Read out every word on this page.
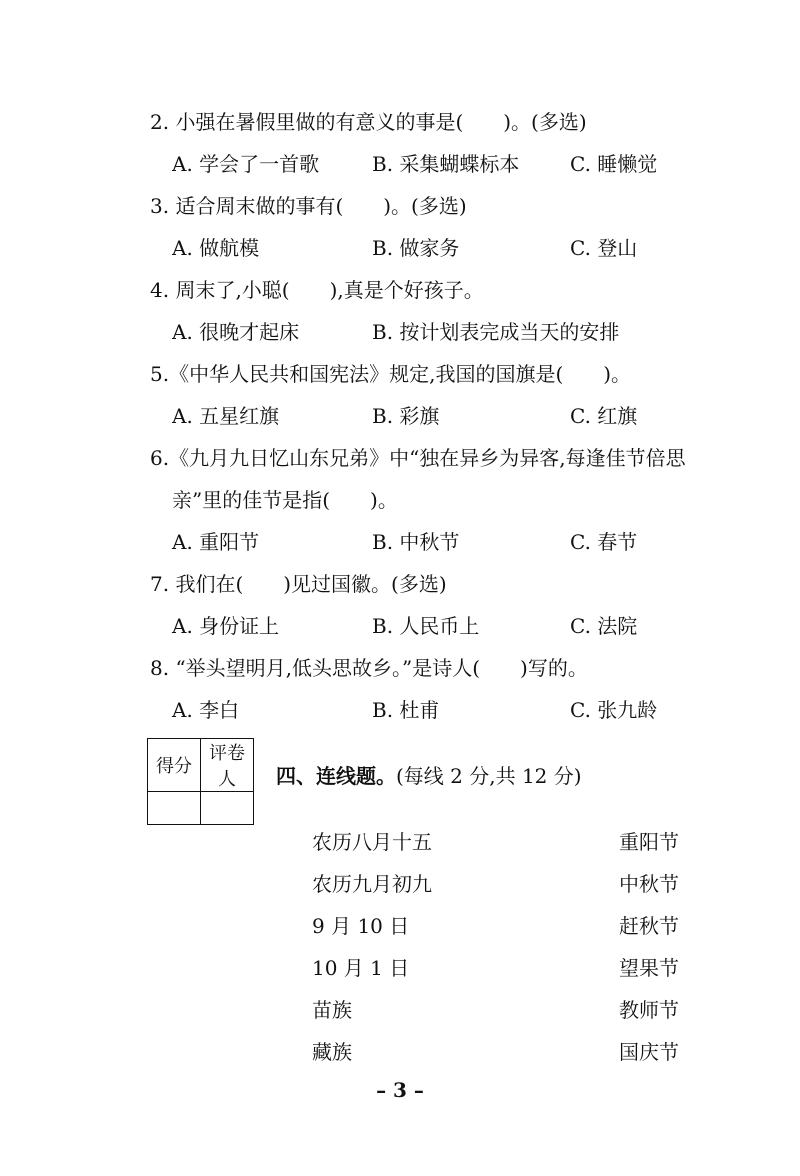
2. 小强在暑假里做的有意义的事是(　　)。(多选)
A. 学会了一首歌	B. 采集蝴蝶标本	C. 睡懒觉
3. 适合周末做的事有(　　)。(多选)
A. 做航模	B. 做家务	C. 登山
4. 周末了,小聪(　　),真是个好孩子。
A. 很晚才起床	B. 按计划表完成当天的安排
5.《中华人民共和国宪法》规定,我国的国旗是(　　)。
A. 五星红旗	B. 彩旗	C. 红旗
6.《九月九日忆山东兄弟》中“独在异乡为异客,每逢佳节倍思
亲”里的佳节是指(　　)。
A. 重阳节	B. 中秋节	C. 春节
7. 我们在(　　)见过国徽。(多选)
A. 身份证上	B. 人民币上	C. 法院
8. “举头望明月,低头思故乡。”是诗人(　　)写的。
A. 李白	B. 杜甫	C. 张九龄
得分	评卷人
	四、连线题。(每线 2 分,共 12 分)
农历八月十五	重阳节
农历九月初九	中秋节
9 月 10 日	赶秋节
10 月 1 日	望果节
苗族	教师节
藏族	国庆节
– 3 –
